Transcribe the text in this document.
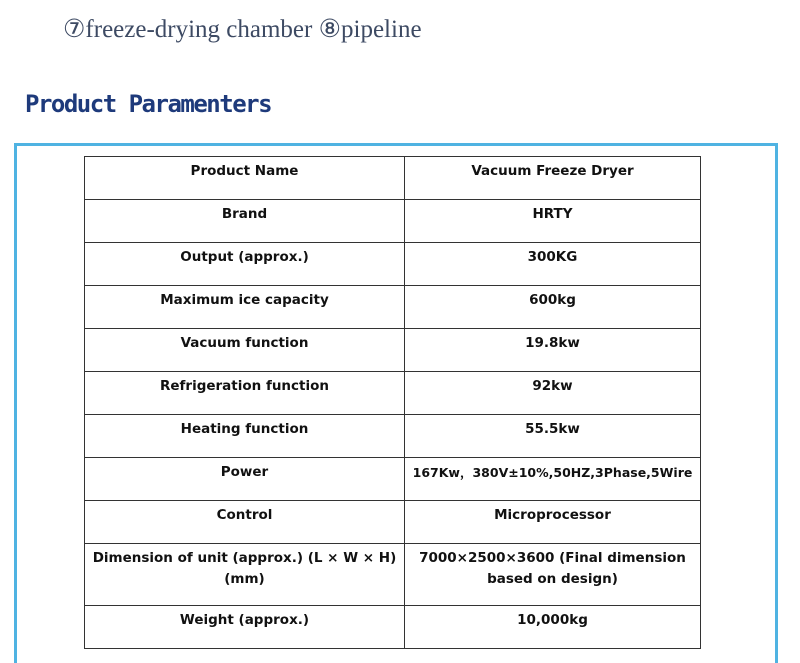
⑦freeze-drying chamber ⑧pipeline
Product Paramenters
Product Name	Vacuum Freeze Dryer
Brand	HRTY
Output (approx.)	300KG
Maximum ice capacity	600kg
Vacuum function	19.8kw
Refrigeration function	92kw
Heating function	55.5kw
Power	167Kw，380V±10%,50HZ,3Phase,5Wire
Control	Microprocessor
Dimension of unit (approx.) (L × W × H) (mm)	7000×2500×3600 (Final dimension based on design)
Weight (approx.)	10,000kg
